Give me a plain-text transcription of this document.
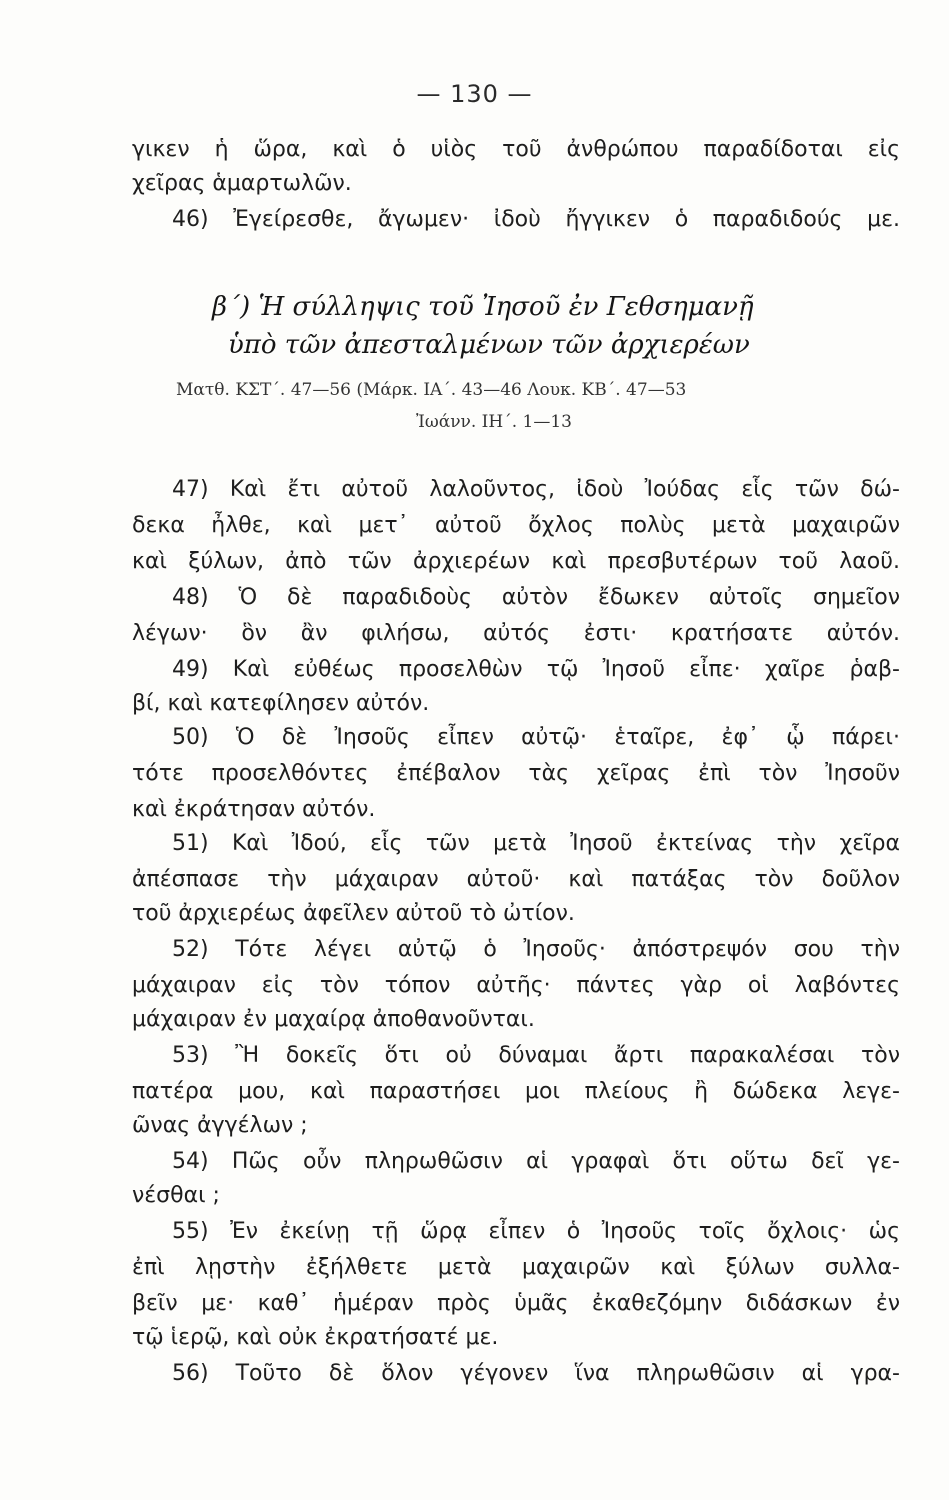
— 130 —
γικεν ἡ ὥρα, καὶ ὁ υἱὸς τοῦ ἀνθρώπου παραδίδοται εἰς
χεῖρας ἁμαρτωλῶν.
46) Ἐγείρεσθε, ἄγωμεν· ἰδοὺ ἤγγικεν ὁ παραδιδούς με.
β΄) Ἡ σύλληψις τοῦ Ἰησοῦ ἐν Γεθσημανῇ
ὑπὸ τῶν ἀπεσταλμένων τῶν ἀρχιερέων
Ματθ. ΚΣΤ΄. 47—56 (Μάρκ. ΙΑ΄. 43—46 Λουκ. ΚΒ΄. 47—53
Ἰωάνν. ΙΗ΄. 1—13
47) Καὶ ἔτι αὐτοῦ λαλοῦντος, ἰδοὺ Ἰούδας εἷς τῶν δώ-
δεκα ἦλθε, καὶ μετ᾽ αὐτοῦ ὄχλος πολὺς μετὰ μαχαιρῶν
καὶ ξύλων, ἀπὸ τῶν ἀρχιερέων καὶ πρεσβυτέρων τοῦ λαοῦ.
48) Ὁ δὲ παραδιδοὺς αὐτὸν ἔδωκεν αὐτοῖς σημεῖον
λέγων· ὃν ἂν φιλήσω, αὐτός ἐστι· κρατήσατε αὐτόν.
49) Καὶ εὐθέως προσελθὼν τῷ Ἰησοῦ εἶπε· χαῖρε ῥαβ-
βί, καὶ κατεφίλησεν αὐτόν.
50) Ὁ δὲ Ἰησοῦς εἶπεν αὐτῷ· ἑταῖρε, ἐφ᾽ ᾧ πάρει·
τότε προσελθόντες ἐπέβαλον τὰς χεῖρας ἐπὶ τὸν Ἰησοῦν
καὶ ἐκράτησαν αὐτόν.
51) Καὶ Ἰδού, εἷς τῶν μετὰ Ἰησοῦ ἐκτείνας τὴν χεῖρα
ἀπέσπασε τὴν μάχαιραν αὐτοῦ· καὶ πατάξας τὸν δοῦλον
τοῦ ἀρχιερέως ἀφεῖλεν αὐτοῦ τὸ ὠτίον.
52) Τότε λέγει αὐτῷ ὁ Ἰησοῦς· ἀπόστρεψόν σου τὴν
μάχαιραν εἰς τὸν τόπον αὐτῆς· πάντες γὰρ οἱ λαβόντες
μάχαιραν ἐν μαχαίρᾳ ἀποθανοῦνται.
53) Ἢ δοκεῖς ὅτι οὐ δύναμαι ἄρτι παρακαλέσαι τὸν
πατέρα μου, καὶ παραστήσει μοι πλείους ἢ δώδεκα λεγε-
ῶνας ἀγγέλων ;
54) Πῶς οὖν πληρωθῶσιν αἱ γραφαὶ ὅτι οὕτω δεῖ γε-
νέσθαι ;
55) Ἐν ἐκείνῃ τῇ ὥρᾳ εἶπεν ὁ Ἰησοῦς τοῖς ὄχλοις· ὡς
ἐπὶ λῃστὴν ἐξήλθετε μετὰ μαχαιρῶν καὶ ξύλων συλλα-
βεῖν με· καθ᾽ ἡμέραν πρὸς ὑμᾶς ἐκαθεζόμην διδάσκων ἐν
τῷ ἱερῷ, καὶ οὐκ ἐκρατήσατέ με.
56) Τοῦτο δὲ ὅλον γέγονεν ἵνα πληρωθῶσιν αἱ γρα-
